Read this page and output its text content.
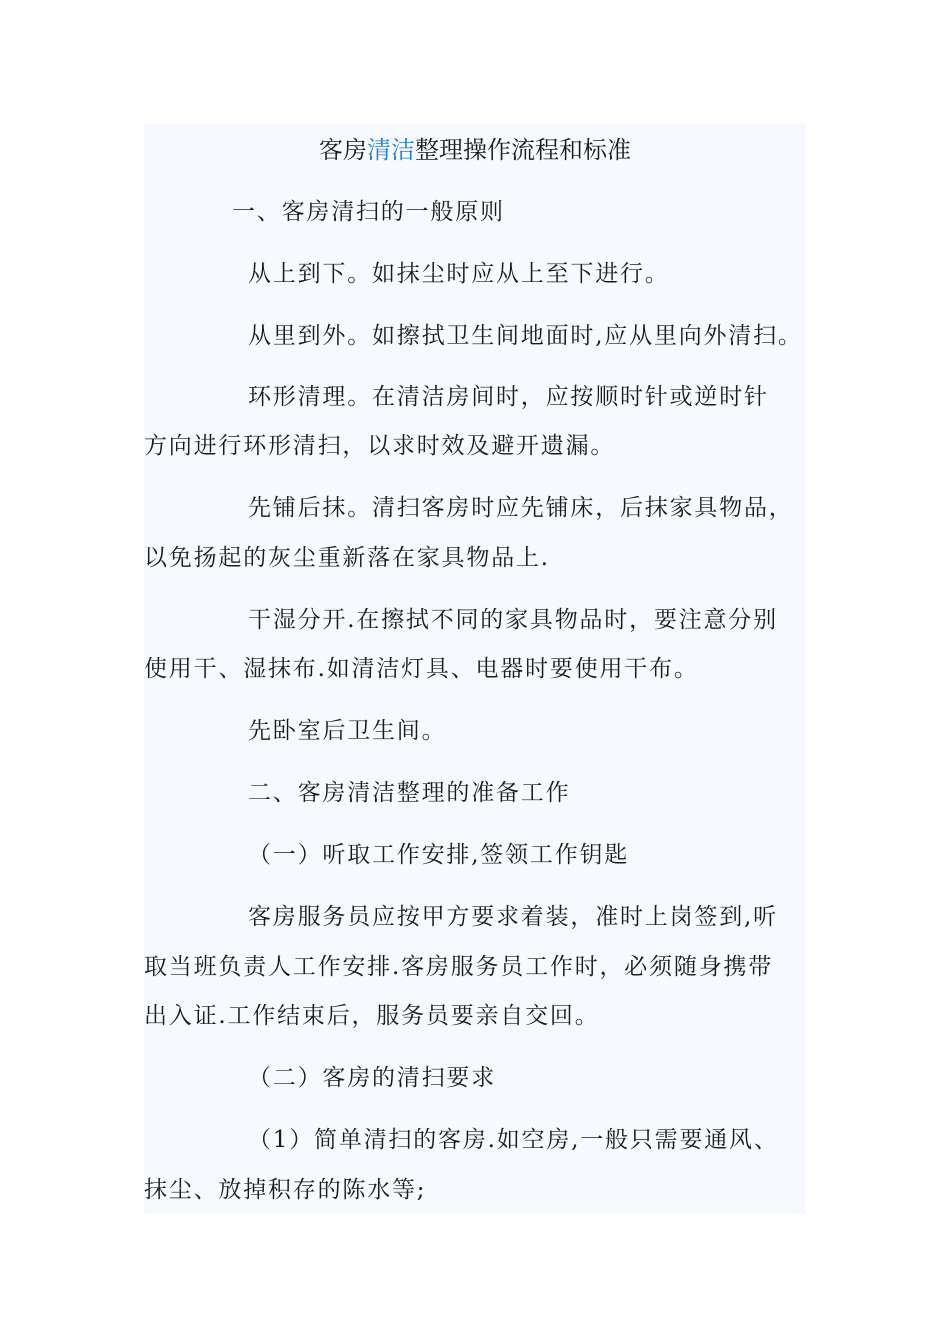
客房清洁整理操作流程和标准
一、客房清扫的一般原则
从上到下。如抹尘时应从上至下进行。
从里到外。如擦拭卫生间地面时,应从里向外清扫。
环形清理。在清洁房间时，应按顺时针或逆时针
方向进行环形清扫，以求时效及避开遗漏。
先铺后抹。清扫客房时应先铺床，后抹家具物品，
以免扬起的灰尘重新落在家具物品上.
干湿分开.在擦拭不同的家具物品时，要注意分别
使用干、湿抹布.如清洁灯具、电器时要使用干布。
先卧室后卫生间。
二、客房清洁整理的准备工作
（一）听取工作安排,签领工作钥匙
客房服务员应按甲方要求着装，准时上岗签到,听
取当班负责人工作安排.客房服务员工作时，必须随身携带
出入证.工作结束后，服务员要亲自交回。
（二）客房的清扫要求
（1）简单清扫的客房.如空房,一般只需要通风、
抹尘、放掉积存的陈水等;
